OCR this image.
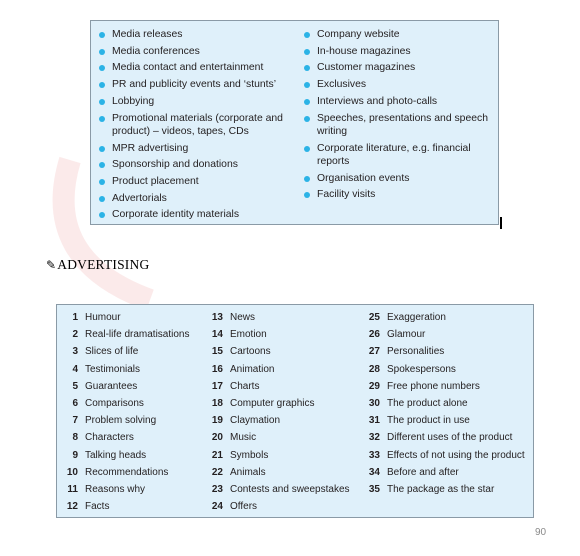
Media releases
Media conferences
Media contact and entertainment
PR and publicity events and ‘stunts’
Lobbying
Promotional materials (corporate and product) – videos, tapes, CDs
MPR advertising
Sponsorship and donations
Product placement
Advertorials
Corporate identity materials
Company website
In-house magazines
Customer magazines
Exclusives
Interviews and photo-calls
Speeches, presentations and speech writing
Corporate literature, e.g. financial reports
Organisation events
Facility visits
✎ADVERTISING
1 Humour
2 Real-life dramatisations
3 Slices of life
4 Testimonials
5 Guarantees
6 Comparisons
7 Problem solving
8 Characters
9 Talking heads
10 Recommendations
11 Reasons why
12 Facts
13 News
14 Emotion
15 Cartoons
16 Animation
17 Charts
18 Computer graphics
19 Claymation
20 Music
21 Symbols
22 Animals
23 Contests and sweepstakes
24 Offers
25 Exaggeration
26 Glamour
27 Personalities
28 Spokespersons
29 Free phone numbers
30 The product alone
31 The product in use
32 Different uses of the product
33 Effects of not using the product
34 Before and after
35 The package as the star
90
